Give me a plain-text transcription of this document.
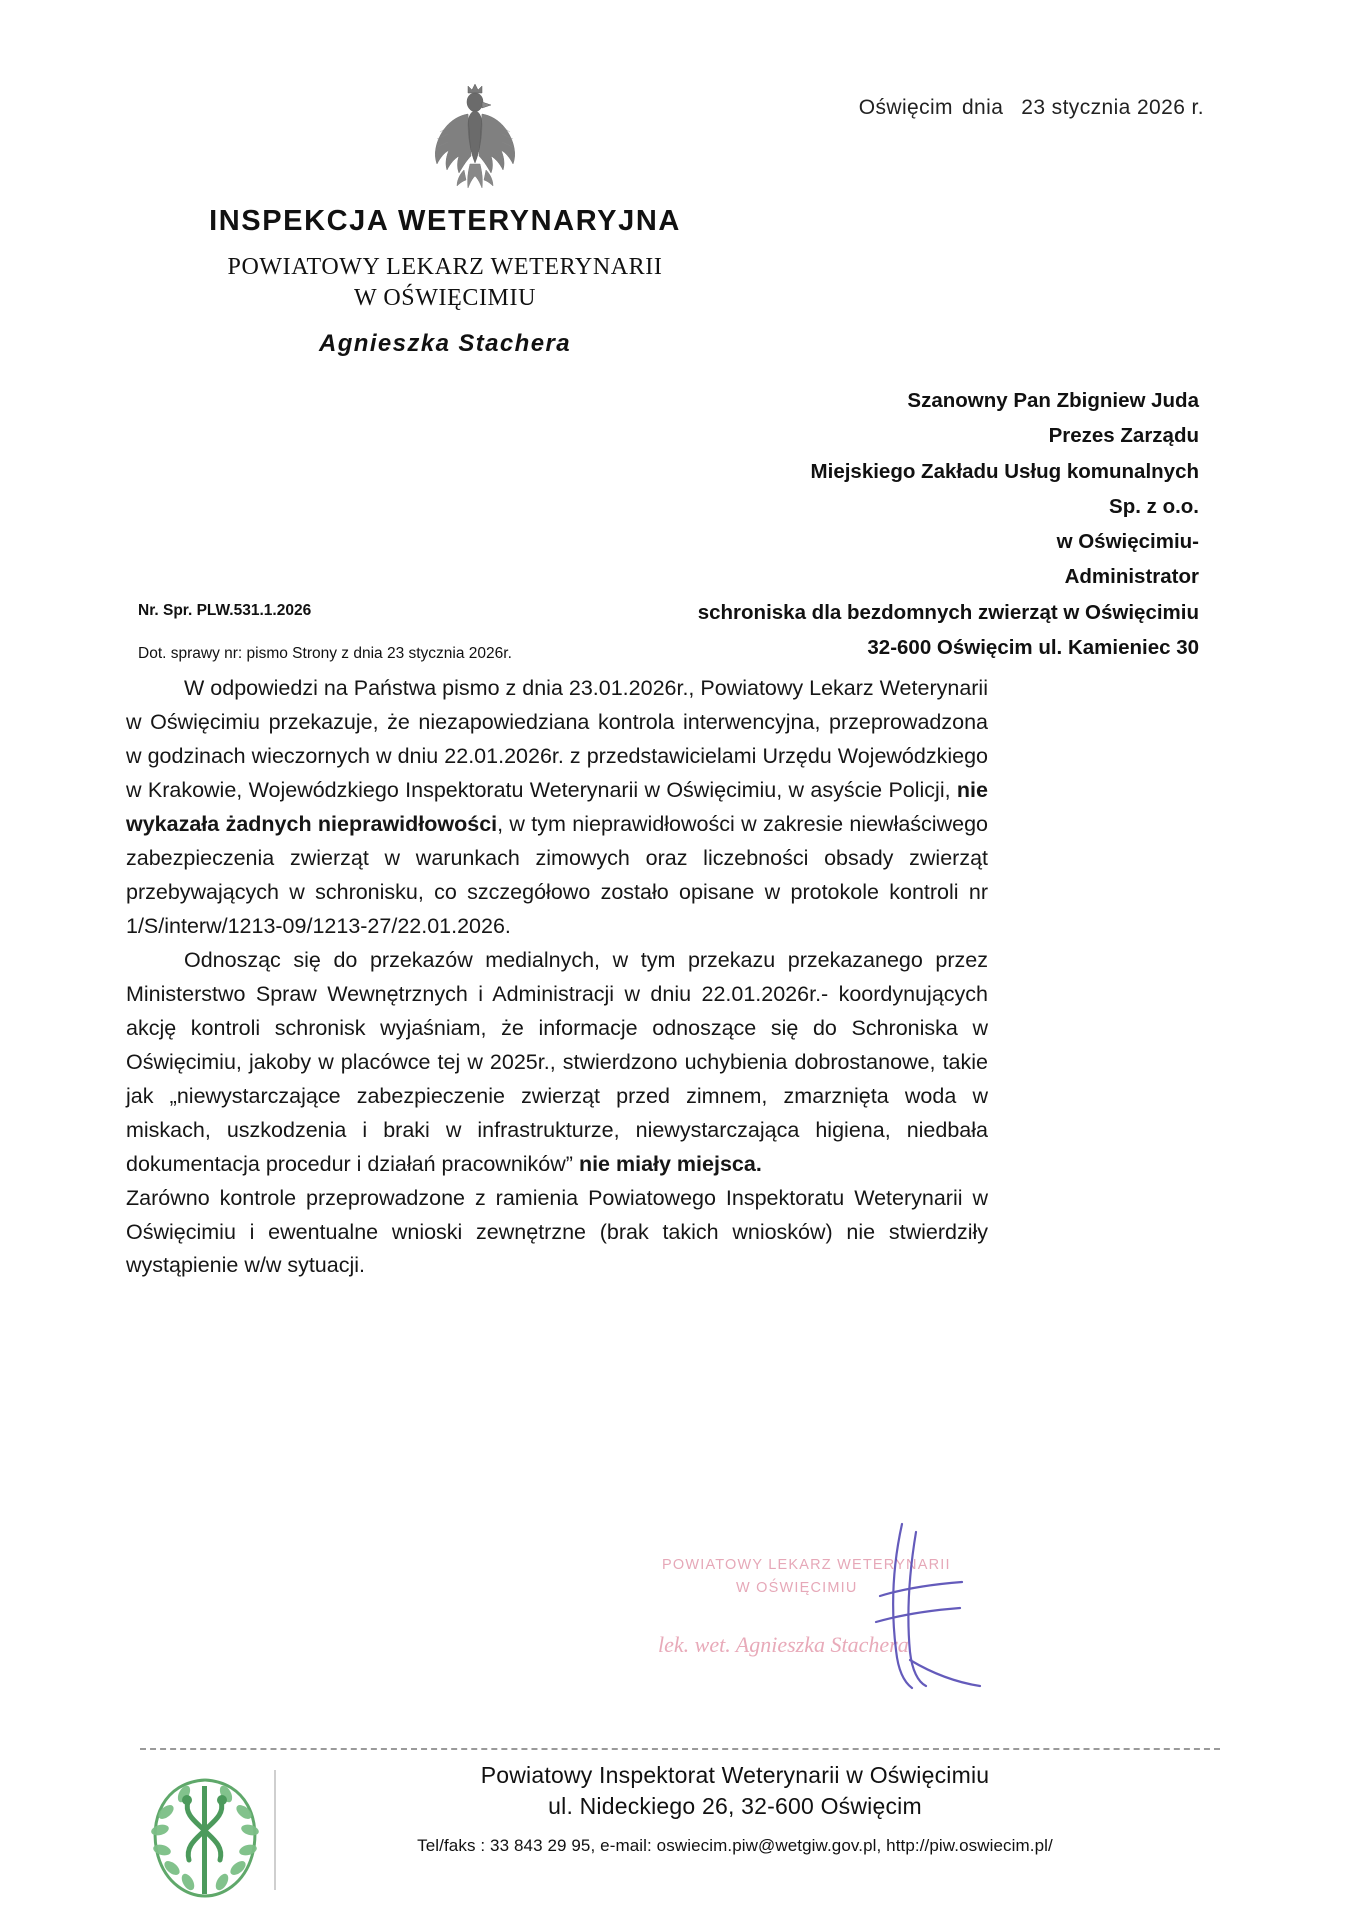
Oświęcim dnia 23 stycznia 2026 r.
INSPEKCJA WETERYNARYJNA
POWIATOWY LEKARZ WETERYNARII
W OŚWIĘCIMIU
Agnieszka Stachera
Szanowny Pan Zbigniew Juda
Prezes Zarządu
Miejskiego Zakładu Usług komunalnych
Sp. z o.o.
w Oświęcimiu-
Administrator
schroniska dla bezdomnych zwierząt w Oświęcimiu
32-600 Oświęcim ul. Kamieniec 30
Nr. Spr. PLW.531.1.2026
Dot. sprawy nr: pismo Strony z dnia 23 stycznia 2026r.

W odpowiedzi na Państwa pismo z dnia 23.01.2026r., Powiatowy Lekarz Weterynarii w Oświęcimiu przekazuje, że niezapowiedziana kontrola interwencyjna, przeprowadzona w godzinach wieczornych w dniu 22.01.2026r. z przedstawicielami Urzędu Wojewódzkiego w Krakowie, Wojewódzkiego Inspektoratu Weterynarii w Oświęcimiu, w asyście Policji, nie wykazała żadnych nieprawidłowości, w tym nieprawidłowości w zakresie niewłaściwego zabezpieczenia zwierząt w warunkach zimowych oraz liczebności obsady zwierząt przebywających w schronisku, co szczegółowo zostało opisane w protokole kontroli nr 1/S/interw/1213-09/1213-27/22.01.2026.

Odnosząc się do przekazów medialnych, w tym przekazu przekazanego przez Ministerstwo Spraw Wewnętrznych i Administracji w dniu 22.01.2026r.- koordynujących akcję kontroli schronisk wyjaśniam, że informacje odnoszące się do Schroniska w Oświęcimiu, jakoby w placówce tej w 2025r., stwierdzono uchybienia dobrostanowe, takie jak „niewystarczające zabezpieczenie zwierząt przed zimnem, zmarznięta woda w miskach, uszkodzenia i braki w infrastrukturze, niewystarczająca higiena, niedbała dokumentacja procedur i działań pracowników” nie miały miejsca.

Zarówno kontrole przeprowadzone z ramienia Powiatowego Inspektoratu Weterynarii w Oświęcimiu i ewentualne wnioski zewnętrzne (brak takich wniosków) nie stwierdziły wystąpienie w/w sytuacji.

POWIATOWY LEKARZ WETERYNARII
W OŚWIĘCIMIU
lek. wet. Agnieszka Stachera
Powiatowy Inspektorat Weterynarii w Oświęcimiu
ul. Nideckiego 26, 32-600 Oświęcim
Tel/faks : 33 843 29 95, e-mail: oswiecim.piw@wetgiw.gov.pl, http://piw.oswiecim.pl/
